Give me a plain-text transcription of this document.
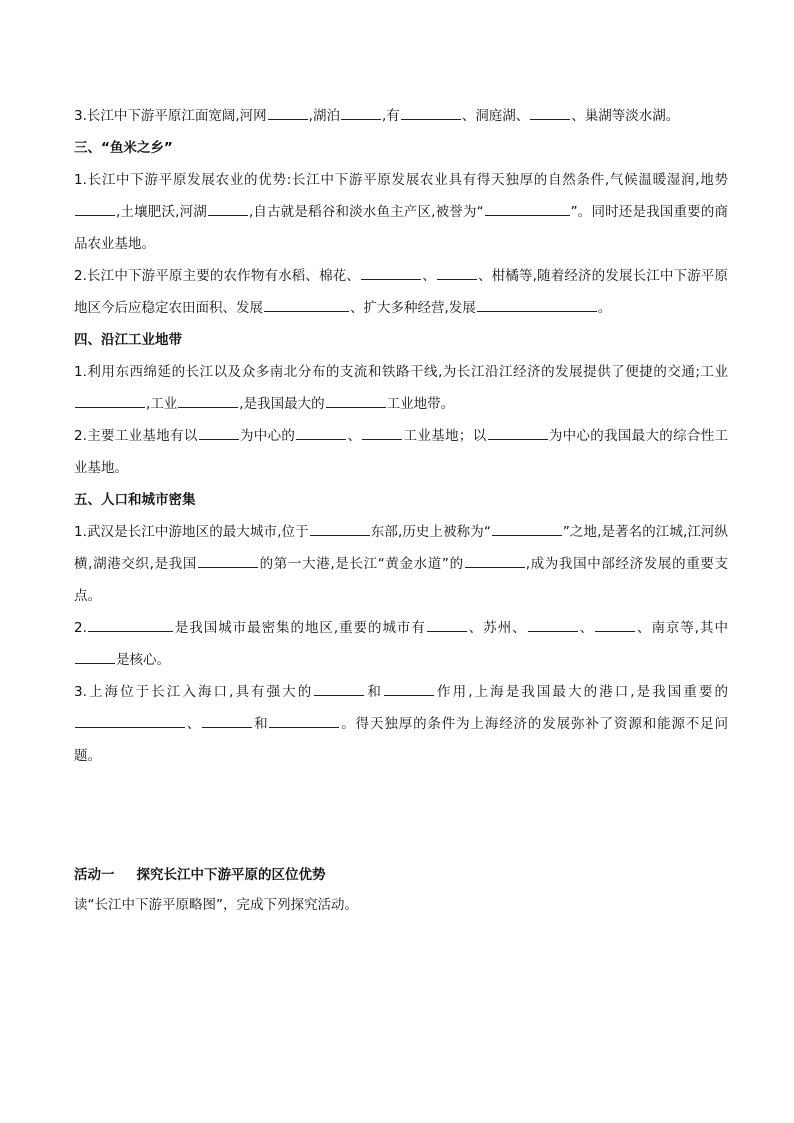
3.长江中下游平原江面宽阔,河网	,湖泊	,有	、洞庭湖、	、巢湖等淡水湖。

三、“鱼米之乡”

1.长江中下游平原发展农业的优势:长江中下游平原发展农业具有得天独厚的自然条件,气候温暖湿润,地势,土壤肥沃,河湖	,自古就是稻谷和淡水鱼主产区,被誉为“	”。同时还是我国重要的商品农业基地。

2.长江中下游平原主要的农作物有水稻、棉花、	、	、柑橘等,随着经济的发展长江中下游平原地区今后应稳定农田面积、发展	、扩大多种经营,发展	。

四、沿江工业地带

1.利用东西绵延的长江以及众多南北分布的支流和铁路干线,为长江沿江经济的发展提供了便捷的交通;工业,工业	,是我国最大的	工业地带。

2.主要工业基地有以	为中心的	、	工业基地；以	为中心的我国最大的综合性工业基地。

五、人口和城市密集

1.武汉是长江中游地区的最大城市,位于	东部,历史上被称为“	”之地,是著名的江城,江河纵横,湖港交织,是我国	的第一大港,是长江“黄金水道”的	,成为我国中部经济发展的重要支点。

2.	是我国城市最密集的地区,重要的城市有	、苏州、	、	、南京等,其中是核心。

3.上海位于长江入海口,具有强大的	和	作用,上海是我国最大的港口,是我国重要的、	和	。得天独厚的条件为上海经济的发展弥补了资源和能源不足问题。

活动一 探究长江中下游平原的区位优势

读“长江中下游平原略图”，完成下列探究活动。
